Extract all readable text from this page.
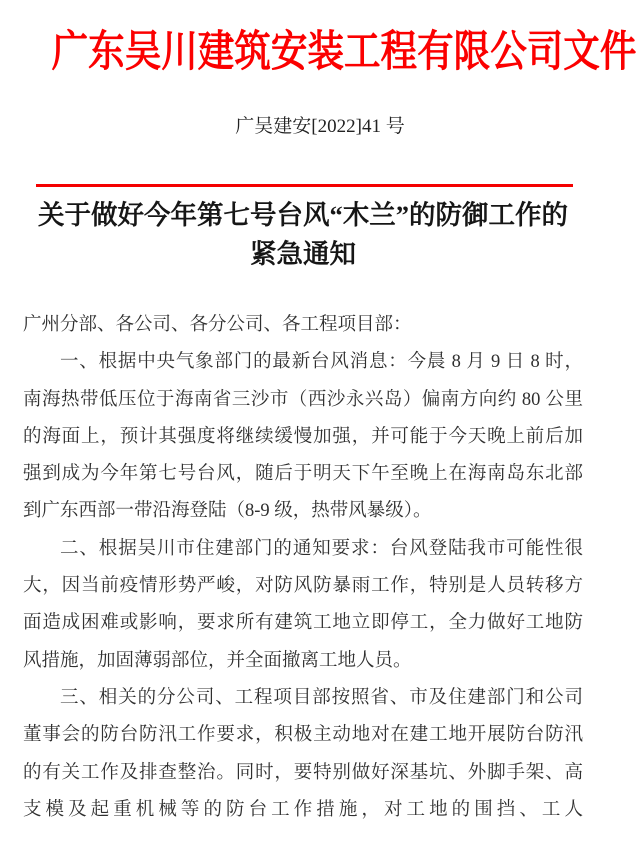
广东吴川建筑安装工程有限公司文件
广吴建安[2022]41 号
关于做好今年第七号台风“木兰”的防御工作的
紧急通知
广州分部、各公司、各分公司、各工程项目部：
一、根据中央气象部门的最新台风消息：今晨 8 月 9 日 8 时，
南海热带低压位于海南省三沙市（西沙永兴岛）偏南方向约 80 公里
的海面上，预计其强度将继续缓慢加强，并可能于今天晚上前后加
强到成为今年第七号台风，随后于明天下午至晚上在海南岛东北部
到广东西部一带沿海登陆（8-9 级，热带风暴级）。
二、根据吴川市住建部门的通知要求：台风登陆我市可能性很
大，因当前疫情形势严峻，对防风防暴雨工作，特别是人员转移方
面造成困难或影响，要求所有建筑工地立即停工，全力做好工地防
风措施，加固薄弱部位，并全面撤离工地人员。
三、相关的分公司、工程项目部按照省、市及住建部门和公司
董事会的防台防汛工作要求，积极主动地对在建工地开展防台防汛
的有关工作及排查整治。同时，要特别做好深基坑、外脚手架、高
支模及起重机械等的防台工作措施，对工地的围挡、工人
